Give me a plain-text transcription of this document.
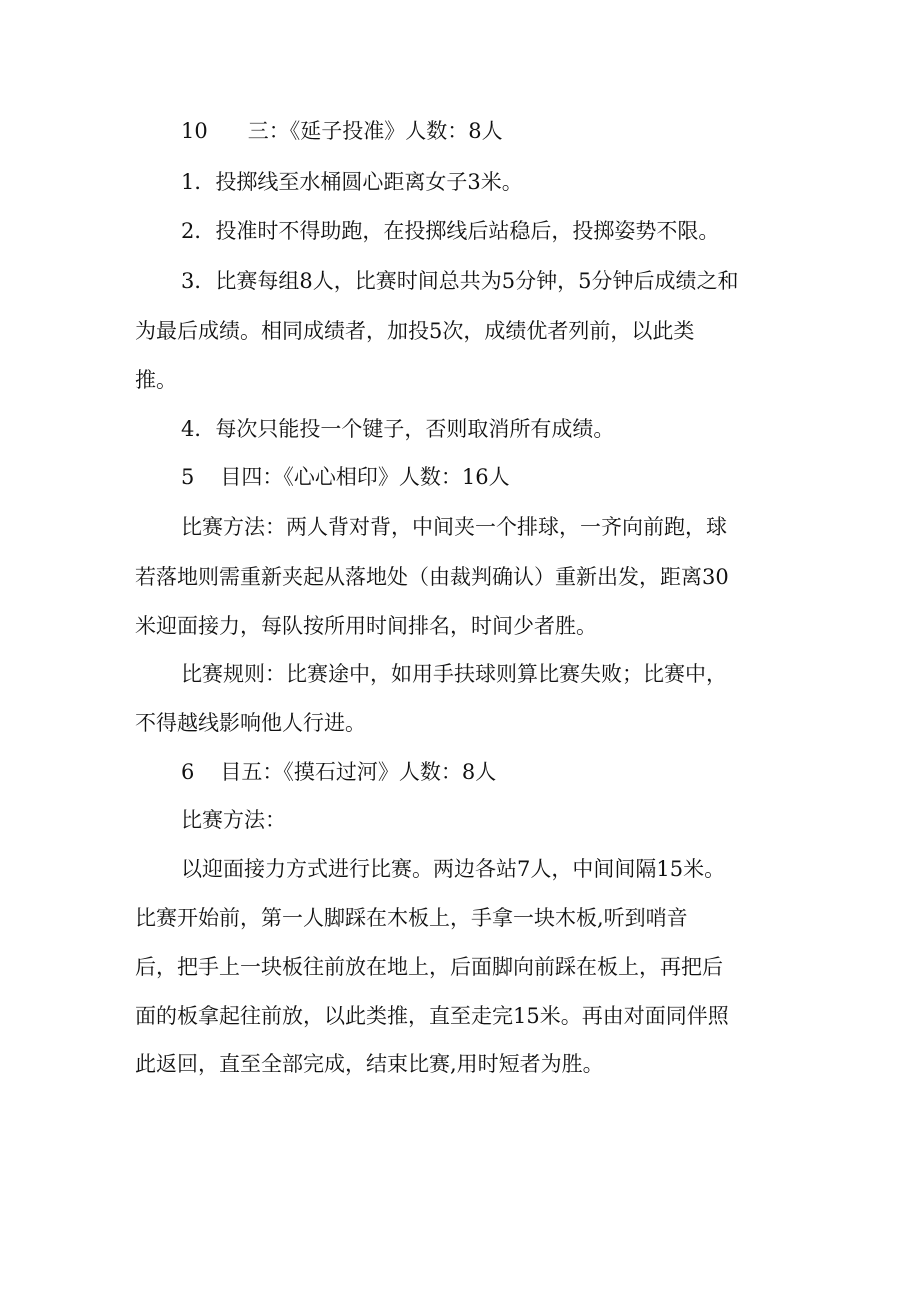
10 三：《延子投准》人数：8人
1．投掷线至水桶圆心距离女子3米。
2．投准时不得助跑，在投掷线后站稳后，投掷姿势不限。
3．比赛每组8人，比赛时间总共为5分钟，5分钟后成绩之和
为最后成绩。相同成绩者，加投5次，成绩优者列前，以此类
推。
4．每次只能投一个键子，否则取消所有成绩。
5 目四：《心心相印》人数：16人
比赛方法：两人背对背，中间夹一个排球，一齐向前跑，球
若落地则需重新夹起从落地处（由裁判确认）重新出发，距离30
米迎面接力，每队按所用时间排名，时间少者胜。
比赛规则：比赛途中，如用手扶球则算比赛失败；比赛中，
不得越线影响他人行进。
6 目五：《摸石过河》人数：8人
比赛方法：
以迎面接力方式进行比赛。两边各站7人，中间间隔15米。
比赛开始前，第一人脚踩在木板上，手拿一块木板,听到哨音
后，把手上一块板往前放在地上，后面脚向前踩在板上，再把后
面的板拿起往前放，以此类推，直至走完15米。再由对面同伴照
此返回，直至全部完成，结束比赛,用时短者为胜。
